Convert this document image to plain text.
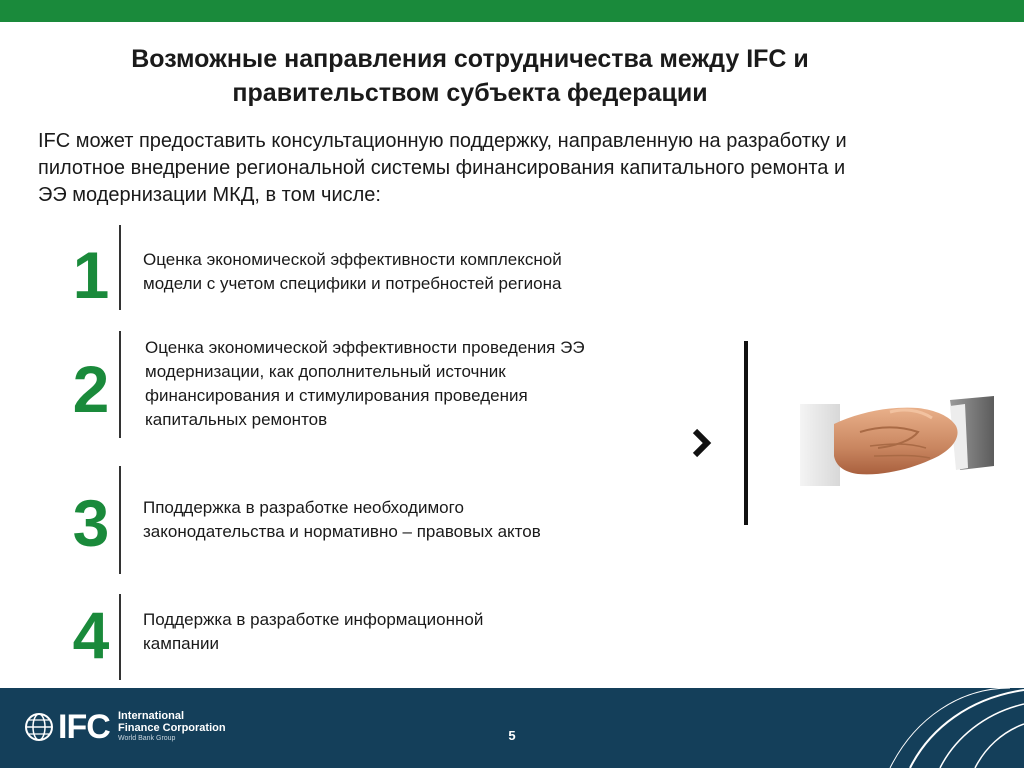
Возможные направления сотрудничества между IFC и
правительством субъекта федерации
IFC может предоставить консультационную поддержку, направленную на разработку и
пилотное внедрение региональной системы финансирования капитального ремонта и
ЭЭ модернизации МКД, в том числе:
1	Оценка экономической эффективности комплексной
модели с учетом специфики и потребностей региона
2
Оценка экономической эффективности проведения ЭЭ
модернизации, как дополнительный источник
финансирования и стимулирования проведения
капитальных ремонтов
3	Пподдержка в разработке необходимого
законодательства и нормативно – правовых актов
4	Поддержка в разработке информационной
кампании
IFC International
Finance Corporation
World Bank Group	5
